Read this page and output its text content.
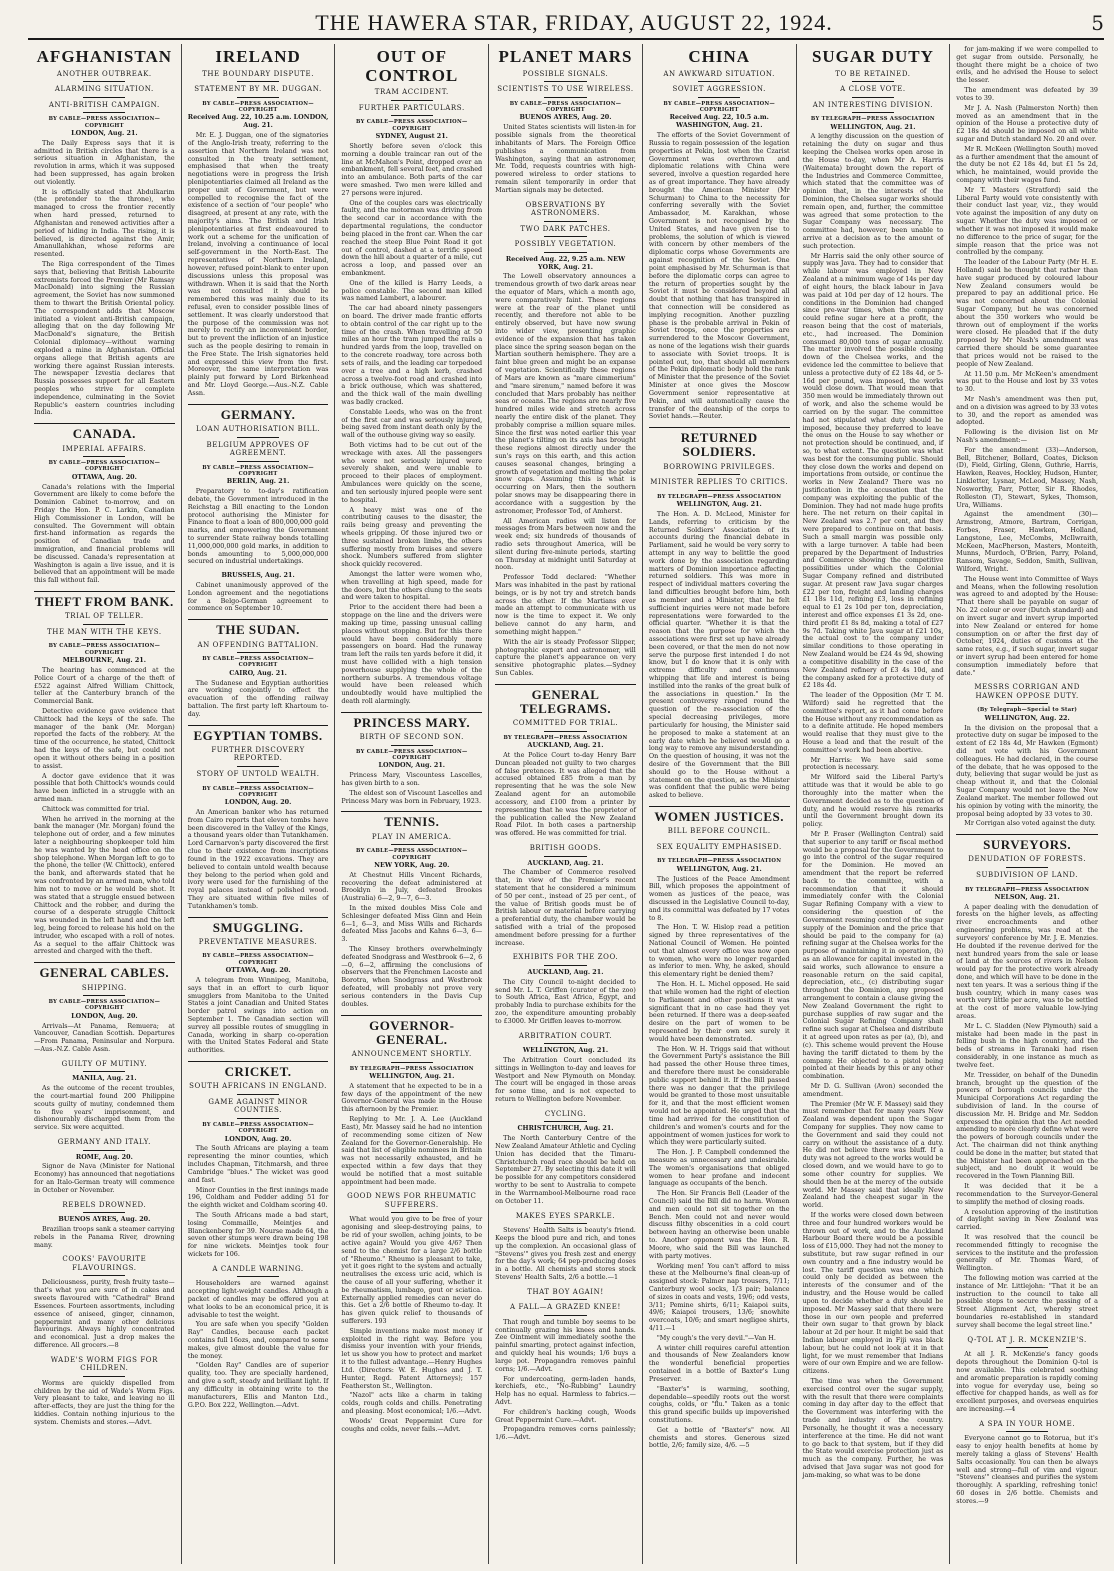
THE HAWERA STAR, FRIDAY, AUGUST 22, 1924.	5
AFGHANISTAN
ANOTHER OUTBREAK.
ALARMING SITUATION.
ANTI-BRITISH CAMPAIGN.
BY CABLE—PRESS ASSOCIATION—COPYRIGHT
LONDON, Aug. 21.

The Daily Express says that it is admitted in British circles that there is a serious situation in Afghanistan, the revolution in arms, which it was supposed had been suppressed, has again broken out violently.

It is officially stated that Abdulkarim (the pretender to the throne), who managed to cross the frontier recently when hard pressed, returned to Afghanistan and renewed activities after a period of hiding in India. The rising, it is believed, is directed against the Amir, Amanullahkhan, whose reforms are resented.

The Riga correspondent of the Times says that, believing that British Labourite extremists forced the Premier (Mr Ramsay MacDonald) into signing the Russian agreement, the Soviet has now summoned them to thwart the British Oriental policy. The correspondent adds that Moscow initiated a violent anti-British campaign, alleging that on the day following Mr MacDonald's signature, the British Colonial diplomacy—without warning exploded a mine in Afghanistan. Official organs allege that British agents are working there against Russian interests. The newspaper Izvestia declares that Russia possesses support for all Eastern peoples who strive for complete independence, culminating in the Soviet Republic's eastern countries including India.

CANADA.
IMPERIAL AFFAIRS.
BY CABLE—PRESS ASSOCIATION—COPYRIGHT
OTTAWA, Aug. 20.

Canada's relations with the Imperial Government are likely to come before the Dominion Cabinet to-morrow, and on Friday the Hon. P. C. Larkin, Canadian High Commissioner in London, will be consulted. The Government will obtain first-hand information as regards the position of Canadian trade and immigration, and financial problems will be discussed. Canada's representation at Washington is again a live issue, and it is believed that an appointment will be made this fall without fail.

THEFT FROM BANK.
TRIAL OF TELLER.
THE MAN WITH THE KEYS.
BY CABLE—PRESS ASSOCIATION—COPYRIGHT
MELBOURNE, Aug. 21.

The hearing has commenced at the Police Court of a charge of the theft of £522 against Alfred William Chittock, teller at the Canterbury branch of the Commercial Bank.

Detective evidence gave evidence that Chittock had the keys of the safe. The manager of the bank (Mr. Morgan) reported the facts of the robbery. At the time of the occurrence, he stated, Chittock had the keys of the safe, but could not open it without others being in a position to assist.

A doctor gave evidence that it was possible that both Chittock's wounds could have been inflicted in a struggle with an armed man.

Chittock was committed for trial.

When he arrived in the morning at the bank the manager (Mr. Morgan) found the telephone out of order, and a few minutes later a neighbouring shopkeeper told him he was wanted by the head office on the shop telephone. When Morgan left to go to the phone, the teller (W. Chittock), entered the bank, and afterwards stated that he was confronted by an armed man, who told him not to move or he would be shot. It was stated that a struggle ensued between Chittock and the robber, and during the course of a desperate struggle Chittock was wounded in the left hand and the left leg, being forced to release his hold on the intruder, who escaped with a roll of notes. As a sequel to the affair Chittock was arrested and charged with the theft.

GENERAL CABLES.
SHIPPING.
BY CABLE—PRESS ASSOCIATION—COPYRIGHT
LONDON, Aug. 20.

Arrivals—At Panama, Remuera; at Vancouver, Canadian Scottish. Departures—From Panama, Peninsular and Norpura.—Aus.-N.Z. Cable Assn.

GUILTY OF MUTINY.
MANILA, Aug. 21.

As the outcome of the recent troubles, the court-martial found 200 Philippine scouts guilty of mutiny, condemned them to five years' imprisonment, and dishonourably discharged them from the service. Six were acquitted.

GERMANY AND ITALY.
ROME, Aug. 20.

Signor de Nava (Minister for National Economy) has announced that negotiations for an Italo-German treaty will commence in October or November.

REBELS DROWNED.
BUENOS AYRES, Aug. 20.

Brazilian troops sank a steamer carrying rebels in the Panama River, drowning many.

COOKS' FAVOURITE FLAVOURINGS.

Deliciousness, purity, fresh fruity taste—that's what you are sure of in cakes and sweets flavoured with "Cathedral" Brand Essences. Fourteen assortments, including essence of aniseed, ginger, cinnamon, peppermint and many other delicious flavourings. Always highly concentrated and economical. Just a drop makes the difference. All grocers.—8

WADE'S WORM FIGS FOR CHILDREN.

Worms are quickly dispelled from children by the aid of Wade's Worm Figs. Very pleasant to take, and leaving no ill after-effects, they are just the thing for the kiddies. Contain nothing injurious to the system. Chemists and stores.—Advt.

IRELAND
THE BOUNDARY DISPUTE.
STATEMENT BY MR. DUGGAN.
BY CABLE—PRESS ASSOCIATION—COPYRIGHT
Received Aug. 22, 10.25 a.m. LONDON, Aug. 21.

Mr. E. J. Duggan, one of the signatories of the Anglo-Irish treaty, referring to the assertion that Northern Ireland was not consulted in the treaty settlement, emphasised that when the treaty negotiations were in progress the Irish plenipotentiaries claimed all Ireland as the proper unit of Government, but were compelled to recognise the fact of the existence of a section of "our people" who disagreed, at present at any rate, with the majority's aims. The British and Irish plenipotentiaries at first endeavoured to work out a scheme for the unification of Ireland, involving a continuance of local self-government in the North-East. The representatives of Northern Ireland, however, refused point-blank to enter upon discussions unless this proposal was withdrawn. When it is said that the North was not consulted it should be remembered this was mainly due to its refusal, even to consider possible lines of settlement. It was clearly understood that the purpose of the commission was not merely to rectify an inconvenient border, but to prevent the infliction of an injustice such as the people desiring to remain in the Free State. The Irish signatories held and expressed this view from the first. Moreover, the same interpretation was plainly put forward by Lord Birkenhead and Mr. Lloyd George.—Aus.-N.Z. Cable Assn.

GERMANY.
LOAN AUTHORISATION BILL.
BELGIUM APPROVES OF AGREEMENT.
BY CABLE—PRESS ASSOCIATION—COPYRIGHT
BERLIN, Aug. 21.

Preparatory to to-day's ratification debate, the Government introduced in the Reichstag a Bill enacting to the London protocol authorising the Minister for Finance to float a loan of 800,000,000 gold marks, and empowering the Government to surrender State railway bonds totalling 11,000,000,000 gold marks, in addition to bonds amounting to 5,000,000,000 secured on industrial undertakings.

BRUSSELS, Aug. 21.

Cabinet unanimously approved of the London agreement and the negotiations for a Belgo-German agreement to commence on September 10.

THE SUDAN.
AN OFFENDING BATTALION.
BY CABLE—PRESS ASSOCIATION—COPYRIGHT
CAIRO, Aug. 21.

The Sudanese and Egyptian authorities are working conjointly to effect the evacuation of the offending railway battalion. The first party left Khartoum to-day.

EGYPTIAN TOMBS.
FURTHER DISCOVERY REPORTED.
STORY OF UNTOLD WEALTH.
BY CABLE—PRESS ASSOCIATION—COPYRIGHT
LONDON, Aug. 20.

An American banker who has returned from Cairo reports that eleven tombs have been discovered in the Valley of the Kings, a thousand years older than Tutankhamen. Lord Carnarvon's party discovered the first clue to their existence from inscriptions found in the 1922 excavations. They are believed to contain untold wealth because they belong to the period when gold and ivory were used for the furnishing of the royal palaces instead of polished wood. They are situated within five miles of Tutankhamen's tomb.

SMUGGLING.
PREVENTATIVE MEASURES.
BY CABLE—PRESS ASSOCIATION—COPYRIGHT
OTTAWA, Aug. 20.

A telegram from Winnipeg, Manitoba, says that in an effort to curb liquor smugglers from Manitoba to the United States a joint Canadian and United States border patrol swings into action on September 1. The Canadian section will survey all possible routes of smuggling in Canada, working in sharp co-operation with the United States Federal and State authorities.

CRICKET.
SOUTH AFRICANS IN ENGLAND.
GAME AGAINST MINOR COUNTIES.
BY CABLE—PRESS ASSOCIATION—COPYRIGHT
LONDON, Aug. 20.

The South Africans are playing a team representing the minor counties, which includes Chapman, Titchmarsh, and three Cambridge "blues." The wicket was good and fast.

Minor Counties in the first innings made 196, Coldham and Pedder adding 51 for the eighth wicket and Coldham scoring 40.

The South Africans made a bad start, losing Commaille, Meintjes and Blanckenberg for 39. Nourse made 64, the seven other stumps were drawn being 198 for nine wickets. Meintjes took four wickets for 106.

A CANDLE WARNING.

Householders are warned against accepting light-weight candles. Although a packet of candles may be offered you at what looks to be an economical price, it is advisable to test the weight.

You are safe when you specify "Golden Ray" Candles, because each packet contains full 16ozs, and, compared to some makes, give almost double the value for the money.

"Golden Ray" Candles are of superior quality, too. They are specially hardened, and give a soft, steady and brilliant light. If any difficulty in obtaining write to the manufacturers, Ellis and Manton Ltd., G.P.O. Box 222, Wellington.—Advt.

OUT OF CONTROL
TRAM ACCIDENT.
FURTHER PARTICULARS.
BY CABLE—PRESS ASSOCIATION—COPYRIGHT
SYDNEY, August 21.

Shortly before seven o'clock this morning a double traincar ran out of the line at McMahon's Point, dropped over an embankment, fell several feet, and crashed into an ambulance. Both parts of the car were smashed. Two men were killed and 27 persons were injured.

One of the couples cars was electrically faulty, and the motorman was driving from the second car in accordance with the departmental regulations, the conductor being placed in the front car. When the car reached the steep Blue Point Road it got out of control, dashed at a terrific speed down the hill about a quarter of a mile, cut across a loop, and passed over an embankment.

One of the killed is Harry Leeds, a police constable. The second man killed was named Lambert, a labourer.

The car had aboard ninety passengers on board. The driver made frantic efforts to obtain control of the car right up to the time of the crash. When travelling at 50 miles an hour the tram jumped the rails a hundred yards from the loop, travelled on to the concrete roadway, tore across both sets of rails, and the leading car torpedoed over a tree and a high kerb, crashed across a twelve-foot road and crashed into a brick outhouse, which was shattered, and the thick wall of the main dwelling was badly cracked.

Constable Leeds, who was on the front of the first car and was seriously injured, being saved from instant death only by the wall of the outhouse giving way so easily.

Both victims had to be cut out of the wreckage with axes. All the passengers who were not seriously injured were severely shaken, and were unable to proceed to their places of employment. Ambulances were quickly on the scene, and ten seriously injured people were sent to hospital.

A heavy mist was one of the contributing causes to the disaster, the rails being greasy and preventing the wheels gripping. Of those injured two or three sustained broken limbs, the others suffering mostly from bruises and severe shock. Numbers suffered from slighter shock quickly recovered.

Amongst the latter were women who, when travelling at high speed, made for the doors, but the others clung to the seats and were taken to hospital.

Prior to the accident there had been a stoppage on the line and the drivers were making up time, passing unusual calling places without stopping. But for this there would have been considerably more passengers on board. Had the runaway tram left the rails ten yards before it did, it must have collided with a high tension powerhouse supplying the whole of the northern suburbs. A tremendous voltage would have been released which undoubtedly would have multiplied the death roll alarmingly.

PRINCESS MARY.
BIRTH OF SECOND SON.
BY CABLE—PRESS ASSOCIATION—COPYRIGHT
LONDON, Aug. 21.

Princess Mary, Viscountess Lascelles, has given birth to a son.

The eldest son of Viscount Lascelles and Princess Mary was born in February, 1923.

TENNIS.
PLAY IN AMERICA.
BY CABLE—PRESS ASSOCIATION—COPYRIGHT
NEW YORK, Aug. 20.

At Chestnut Hills Vincent Richards, recovering the defeat administered at Brooklyn in July, defeated Brookes (Australia) 6—2, 9—7, 6—3.

In the mixed doubles Miss Cole and Schlesinger defeated Miss Ginn and Hein 6—1, 6—3, and Miss Wills and Richards defeated Miss Jacobs and Kahns 6—3, 6—3.

The Kinsey brothers overwhelmingly defeated Snodgrass and Westbrook 6—2, 6—0, 6—2, affirming the conclusions of observers that the Frenchmen Lacoste and Borotra, when Snodgrass and Westbrook defeated, will probably not prove very serious contenders in the Davis Cup doubles.

GOVERNOR-GENERAL.
ANNOUNCEMENT SHORTLY.
BY TELEGRAPH—PRESS ASSOCIATION
WELLINGTON, Aug. 21.

A statement that he expected to be in a few days of the appointment of the new Governor-General was made in the House this afternoon by the Premier.

Replying to Mr. J. A. Lee (Auckland East), Mr. Massey said he had no intention of recommending some citizen of New Zealand for the Governor-Generalship. He said that list of eligible nominees in Britain was not necessarily exhausted, and he expected within a few days that they would be notified that a most suitable appointment had been made.

GOOD NEWS FOR RHEUMATIC SUFFERERS.

What would you give to be free of your agonising and sleep-destroying pains, to be rid of your swollen, aching joints, to be active again? Would you give 4/6? Then send to the chemist for a large 2/6 bottle of "Rheumo." Rheumo is pleasant to take, yet it goes right to the system and actually neutralises the excess uric acid, which is the cause of all your suffering, whether it be rheumatism, lumbago, gout or sciatica. Externally applied remedies can never do this. Get a 2/6 bottle of Rheumo to-day. It has given quick relief to thousands of sufferers. 193

Simple inventions make most money if exploited in the right way. Before you dismiss your invention with your friends, let us show you how to protect and market it to the fullest advantage.—Henry Hughes Ltd. (Directors: W. E. Hughes and J. T. Hunter, Regd. Patent Attorneys); 157 Featherston St., Wellington.

"Nazol" acts like a charm in taking colds, rough colds and chills. Penetrating and pleasing. Most economical; 1/6.—Advt.

Woods' Great Peppermint Cure for coughs and colds, never fails.—Advt.

PLANET MARS
POSSIBLE SIGNALS.
SCIENTISTS TO USE WIRELESS.
BY CABLE—PRESS ASSOCIATION—COPYRIGHT
BUENOS AYRES, Aug. 20.

United States scientists will listen-in for possible signals from the theoretical inhabitants of Mars. The Foreign Office publishes a communication from Washington, saying that an astronomer, Mr. Todd, requests countries with high-powered wireless to order stations to remain silent temporarily in order that Martian signals may be detected.

OBSERVATIONS BY ASTRONOMERS.
TWO DARK PATCHES.
POSSIBLY VEGETATION.
Received Aug. 22, 9.25 a.m. NEW YORK, Aug. 21.

The Lowell observatory announces a tremendous growth of two dark areas near the equator of Mars, which a month ago, were comparatively faint. These regions were at the rear of the planet until recently, and therefore not able to be entirely observed, but have now swung into wider view, presenting graphic evidence of the expansion that has taken place since the spring season began on the Martian southern hemisphere. They are a faint blue green and might be an expanse of vegetation. Scientifically these regions of Mars are known as "mare cimmerium" and "mare sirenum," named before it was concluded that Mars probably has neither seas or oceans. The regions are nearly five hundred miles wide and stretch across nearly the entire disk of the planet. They probably comprise a million square miles. Since the first was noted earlier this year the planet's tilting on its axis has brought these regions almost directly under the sun's rays on this earth, and this action causes seasonal changes, bringing a growth of vegetation and melting the polar snow caps. Assuming this is what is occurring on Mars, then the southern polar snows may be disappearing there in accordance with a suggestion by the astronomer, Professor Tod, of Amherst.

All American radios will listen for messages from Mars between now and the week end; six hundreds of thousands of radio sets throughout America, will be silent during five-minute periods, starting on Thursday at midnight until Saturday at noon.

Professor Todd declared: "Whether Mars was inhabited in the past by rational beings, or is by not try and stretch bands across the ether. If the Martians ever made an attempt to communicate with us now is the time to expect it. We only believe cannot do any harm, and something might happen."

With the air is steady Professor Slipper, photographic expert and astronomer, will capture the planet's appearance on very sensitive photographic plates.—Sydney Sun Cables.

GENERAL TELEGRAMS.
COMMITTED FOR TRIAL.
BY TELEGRAPH—PRESS ASSOCIATION
AUCKLAND, Aug. 21.

At the Police Court to-day Henry Barr Duncan pleaded not guilty to two charges of false pretences. It was alleged that the accused obtained £85 from a man by representing that he was the sole New Zealand agent for an automobile accessory, and £100 from a printer by representing that he was the proprietor of the publication called the New Zealand Road Pilot. In both cases a partnership was offered. He was committed for trial.

BRITISH GOODS.
AUCKLAND, Aug. 21.

The Chamber of Commerce resolved that, in view of the Premier's recent statement that he considered a minimum of 50 per cent., instead of 25 per cent., of the value of British goods must be of British labour or material before carrying a preferential duty, the chamber would be satisfied with a trial of the proposed amendment before pressing for a further increase.

EXHIBITS FOR THE ZOO.
AUCKLAND, Aug. 21.

The City Council to-night decided to send Mr. L. T. Griffen (curator of the zoo) to South Africa, East Africa, Egypt, and probably India to purchase exhibits for the zoo, the expenditure amounting probably to £3000. Mr Griffen leaves to-morrow.

ARBITRATION COURT.
WELLINGTON, Aug. 21.

The Arbitration Court concluded its sittings in Wellington to-day and leaves for Westport and New Plymouth on Monday. The court will be engaged in those areas for some time, and is not expected to return to Wellington before November.

CYCLING.
CHRISTCHURCH, Aug. 21.

The North Canterbury Centre of the New Zealand Amateur Athletic and Cycling Union has decided that the Timaru-Christchurch road race should be held on September 27. By selecting this date it will be possible for any competitors considered worthy to be sent to Australia to compete in the Warrnambool-Melbourne road race on October 11.

MAKES EYES SPARKLE.

Stevens' Health Salts is beauty's friend. Keeps the blood pure and rich, and tones up the complexion. An occasional glass of "Stevens'" gives you fresh zest and energy for the day's work; 64 pep-producing doses in a bottle. All chemists and stores stock Stevens' Health Salts, 2/6 a bottle.—1

THAT BOY AGAIN!
A FALL—A GRAZED KNEE!

That rough and tumble boy seems to be continually grazing his knees and hands. Zee Ointment will immediately soothe the painful smarting, protect against infection, and quickly heal his wounds; 1/6 buys a large pot. Propagandra removes painful corns; 1/6.—Advt.

For undercoating, germ-laden hands, kerchiefs, etc., "No-Rubbing" Laundry Help has no equal. Harmless to fabrics.—Advt.

For children's hacking cough, Woods Great Peppermint Cure.—Advt.

Propagandra removes corns painlessly; 1/6.—Advt.

CHINA
AN AWKWARD SITUATION.
SOVIET AGGRESSION.
BY CABLE—PRESS ASSOCIATION—COPYRIGHT
Received Aug. 22, 10.5 a.m. WASHINGTON, Aug. 21.

The efforts of the Soviet Government of Russia to regain possession of the legation properties at Pekin, lost when the Czarist Government was overthrown and diplomatic relations with China were severed, involve a question regarded here as of great importance. They have already brought the American Minister (Mr Schurman) to China to the necessity for conferring severally with the Soviet Ambassador, M. Karakhan, whose Government is not recognised by the United States, and have given rise to problems, the solution of which is viewed with concern by other members of the diplomatic corps whose Governments are against recognition of the Soviet. One point emphasised by Mr. Schurman is that before the diplomatic corps can agree to the return of properties sought by the Soviet it must be considered beyond all doubt that nothing that has transpired in that connection will be considered as implying recognition. Another puzzling phase is the probable arrival in Pekin of Soviet troops, once the properties are surrendered to the Moscow Government, as none of the legations wish their guards to associate with Soviet troops. It is pointed out, too, that should all members of the Pekin diplomatic body hold the rank of Minister that the presence of the Soviet Minister at once gives the Moscow Government senior representative at Pekin, and will automatically cause the transfer of the deanship of the corps to Soviet hands.—Reuter.

RETURNED SOLDIERS.
BORROWING PRIVILEGES.
MINISTER REPLIES TO CRITICS.
BY TELEGRAPH—PRESS ASSOCIATION
WELLINGTON, Aug. 21.

The Hon. A. D. McLeod, Minister for Lands, referring to criticism by the Returned Soldiers' Association of its accounts during the financial debate in Parliament, said he would be very sorry to attempt in any way to belittle the good work done by the association regarding matters of Dominion importance affecting returned soldiers. This was more in respect of individual matters covering the land difficulties brought before him, both as member and a Minister, that he felt sufficient inquiries were not made before representations were forwarded to the official quarter. "Whether it is that the reason that the purpose for which the associations were first set up have already been covered, or that the men do not now serve the purpose first intended I do not know, but I do know that it is only with extreme difficulty and continuous whipping that life and interest is being instilled into the ranks of the great bulk of the associations in question." In the present controversy ranged round the question of the re-association of the special decreasing privileges, more particularly for housing, the Minister said he proposed to make a statement at an early date which he believed would go a long way to remove any misunderstanding. On the question of housing, it was not the desire of the Government that the Bill should go to the House without a statement on the question, as the Minister was confident that the public were being asked to believe.

WOMEN JUSTICES.
BILL BEFORE COUNCIL.
SEX EQUALITY EMPHASISED.
BY TELEGRAPH—PRESS ASSOCIATION
WELLINGTON, Aug. 21.

The Justices of the Peace Amendment Bill, which proposes the appointment of women as justices of the peace, was discussed in the Legislative Council to-day, and its committal was defeated by 17 votes to 8.

The Hon. T. W. Hislop read a petition signed by three representatives of the National Council of Women. He pointed out that almost every office was now open to women, who were no longer regarded as inferior to men. Why, he asked, should this elementary right be denied them?

The Hon. H. L. Michel opposed. He said that while women had the right of election to Parliament and other positions it was significant that in no case had they yet been returned. If there was a deep-seated desire on the part of women to be represented by their own sex surely it would have been demonstrated.

The Hon. W. H. Triggs said that without the Government Party's assistance the Bill had passed the other House three times, and therefore there must be considerable public support behind it. If the Bill passed there was no danger that the privilege would be granted to those most unsuitable for it, and that the most efficient women would not be appointed. He urged that the time had arrived for the constitution of children's and women's courts and for the appointment of women justices for work to which they were particularly suited.

The Hon. J. P. Campbell condemned the measure as unnecessary and undesirable. The women's organisations that obliged women to hear profane and indecent language as occupants of the bench.

The Hon. Sir Francis Bell (Leader of the Council) said the Bill did no harm. Women and men could not sit together on the Bench. Men could not and never would discuss filthy obscenities in a cold court between having an otherwise been unable to. Another opponent was the Hon. R. Moore, who said the Bill was launched with party motives.

Working men! You can't afford to miss these at the Melbourne's final clean-up of assigned stock: Palmer nap trousers, 7/11; Canterbury wool socks, 1/3 pair; balance of sizes in coats and vests, 19/6; odd vests, 3/11; Pemine shirts, 6/11; Kaiapoi suits, 49/6; Kaiapoi trousers, 13/6; snowhite overcoats, 10/6; and smart negligee shirts, 4/11.—1

"My cough's the very devil."—Van H.

A winter chill requires careful attention and thousands of New Zealanders know the wonderful beneficial properties contained in a bottle of Baxter's Lung Preserver.

"Baxter's" is warming, soothing, dependable—speedily roots out the worst coughs, colds, or "flu." Taken as a tonic this grand specific builds up impoverished constitutions.

Get a bottle of "Baxter's" now. All chemists and stores. Generous sized bottle, 2/6; family size, 4/6. —5

SUGAR DUTY
TO BE RETAINED.
A CLOSE VOTE.
AN INTERESTING DIVISION.
BY TELEGRAPH—PRESS ASSOCIATION
WELLINGTON, Aug. 21.

A lengthy discussion on the question of retaining the duty on sugar and thus keeping the Chelsea works open arose in the House to-day, when Mr A. Harris (Waitemata) brought down the report of the Industries and Commerce Committee, which stated that the committee was of opinion that, in the interests of the Dominion, the Chelsea sugar works should remain open, and, further, the committee was agreed that some protection to the Sugar Company was necessary. The committee had, however, been unable to arrive at a decision as to the amount of such protection.

Mr Harris said the only other source of supply was Java. They had to consider that while labour was employed in New Zealand at a minimum wage of 14s per day of eight hours, the black labour in Java was paid at 10d per day of 12 hours. The conditions in the Dominion had changed since pre-war times, when the company could refine sugar here at a profit, the reason being that the cost of materials, etc., had increased. The Dominion consumed 80,000 tons of sugar annually. The matter involved the possible closing down of the Chelsea works, and the evidence led the committee to believe that unless a protective duty of £2 18s 4d, or 5-16d per pound, was imposed, the works would close down. That would mean that 350 men would be immediately thrown out of work, and also the scheme would be carried on by the sugar. The committee had not stipulated what duty should be imposed, because they preferred to leave the onus on the House to say whether or not protection should be continued, and, if so, to what extent. The question was what was best for the consuming public. Should they close down the works and depend on importations from outside, or continue the works in New Zealand? There was no justification in the accusation that the company was exploiting the public of the Dominion. They had not made huge profits here. The net return on their capital in New Zealand was 2.7 per cent, and they were prepared to continue on that basis. Such a small margin was possible only with a large turnover. A table had been prepared by the Department of Industries and Commerce showing the competitive possibilities under which the Colonial Sugar Company refined and distributed sugar. At present raw Java sugar charges £22 per ton, freight and landing charges £1 18s 11d, refining £3, loss in refining equal to £1 2s 10d per ton, depreciation, interest and office expenses £1 3s 2d, one-third profit £1 8s 8d, making a total of £27 9s 7d. Taking white Java sugar at £21 10s, the actual cost to the company under similar conditions to those operating in New Zealand would be £24 4s 9d, showing a competitive disability in the case of the New Zealand refinery of £3 4s 10d, and the company asked for a protective duty of £2 18s 4d.

The leader of the Opposition (Mr T. M. Wilford) said he regretted that the committee's report, as it had come before the House without any recommendation as to a definite attitude. He hoped members would realise that they must give to the House a lead and that the result of the committee's work had been abortive.

Mr Harris: We have said some protection is necessary.

Mr Wilford said the Liberal Party's attitude was that it would be able to go thoroughly into the matter when the Government decided as to the question of duty, and he would reserve his remarks until the Government brought down its policy.

Mr P. Fraser (Wellington Central) said that superior to any tariff or fiscal method would be a proposal for the Government to go into the control of the sugar required for the Dominion. He moved an amendment that the report be referred back to the committee, with a recommendation that it should immediately confer with the Colonial Sugar Refining Company with a view to considering the question of the Government resuming control of the sugar supply of the Dominion and the price that should be paid to the company for (a) refining sugar at the Chelsea works for the purpose of maintaining it in operation, (b) as an allowance for capital invested in the said works, such allowance to ensure a reasonable return on the said capital, depreciation, etc., (c) distributing sugar throughout the Dominion, any proposed arrangement to contain a clause giving the New Zealand Government the right to purchase supplies of raw sugar and the Colonial Sugar Refining Company shall refine such sugar at Chelsea and distribute it at agreed upon rates as per (a), (b), and (c). This scheme would prevent the House having the tariff dictated to them by the company. He objected to a pistol being pointed at their heads by this or any other combination.

Mr D. G. Sullivan (Avon) seconded the amendment.

The Premier (Mr W. F. Massey) said they must remember that for many years New Zealand was dependent upon the Sugar Company for supplies. They now came to the Government and said they could not carry on without the assistance of a duty. He did not believe there was bluff. If a duty was not agreed to the works would be closed down, and we would have to go to some other country for supplies. We should then be at the mercy of the outside world. Mr Massey said that ideally New Zealand had the cheapest sugar in the world.

If the works were closed down between three and four hundred workers would be thrown out of work, and to the Auckland Harbour Board there would be a possible loss of £15,000. They had not the money to substitute, but raw sugar refined in our own country and a fine industry would be lost. The tariff question was one which could only be decided as between the interests of the consumer and of the industry, and the House would be called upon to decide whether a duty should be imposed. Mr Massey said that there were those in our own people and preferred their own sugar to that grown by black labour at 2d per hour. It might be said that Indian labour employed in Fiji was black labour, but he could not look at it in that light, for we must remember that Indians were of our own Empire and we are fellow-citizens.

The time was when the Government exercised control over the sugar supply, with the result that there were complaints coming in day after day to the effect that the Government was interfering with the trade and industry of the country. Personally, he thought it was a necessary interference at the time. He did not want to go back to that system, but if they did the State would exercise protection just as much as the company. Further, he was advised that Java sugar was not good for jam-making, so what was to be done

for jam-making if we were compelled to get sugar from outside. Personally, he thought there might be a choice of two evils, and he advised the House to select the lesser.

The amendment was defeated by 39 votes to 39.

Mr J. A. Nash (Palmerston North) then moved as an amendment that in the opinion of the House a protective duty of £2 18s 4d should be imposed on all white sugar and Dutch standard No. 20 and over.

Mr R. McKeen (Wellington South) moved as a further amendment that the amount of the duty be not £2 18s 4d, but £1 5s 2d, which, he maintained, would provide the company with their wages fund.

Mr T. Masters (Stratford) said the Liberal Party would vote consistently with their conduct last year, viz., they would vote against the imposition of any duty on sugar. Whether the duty was imposed or whether it was not imposed it would make no difference to the price of sugar, for the simple reason that the price was not controlled by the company.

The leader of the Labour Party (Mr H. E. Holland) said he thought that rather than have sugar produced by coloured labour New Zealand consumers would be prepared to pay an additional price. He was not concerned about the Colonial Sugar Company, but he was concerned about the 350 workers who would be thrown out of employment if the works were closed. He pleaded that if the duty proposed by Mr Nash's amendment was carried there should be some guarantee that prices would not be raised to the people of New Zealand.

At 11.50 p.m. Mr McKeen's amendment was put to the House and lost by 33 votes to 30.

Mr Nash's amendment was then put, and on a division was agreed to by 33 votes to 30, and the report as amended was adopted.

Following is the division list on Mr Nash's amendment:—

For the amendment (33)—Anderson, Bell, Bitchener, Bollard, Coates, Dickson (D), Field, Girling, Glenn, Guthrie, Harris, Hawken, Reaves, Hockley, Hudson, Hunter, Linkletter, Lysnar, McLeod, Massey, Nash, Nosworthy, Parr, Potter, Sir R. Rhodes, Rolleston (T), Stewart, Sykes, Thomson, Ura, Williams.

Against the amendment (30)—Armstrong, Atmore, Bartram, Corrigan, Forbes, Fraser, Hawken, Holland, Langstone, Lee, McCombs, McIlwraith, McKeen, MacPherson, Masters, Monteith, Munns, Murdoch, O'Brien, Parry, Poland, Ransom, Savage, Seddon, Smith, Sullivan, Wilford, Wright.

The House went into Committee of Ways and Means, when the following resolution was agreed to and adopted by the House: "That there shall be payable on sugar of No. 22 colour or over (Dutch standard) and on invert sugar and invert syrup imported into New Zealand or entered for home consumption on or after the first day of October, 1924, duties of customs at the same rates, e.g., if such sugar, invert sugar or invert syrup had been entered for home consumption immediately before that date."

MESSRS CORRIGAN AND HAWKEN OPPOSE DUTY.
(By Telegraph—Special to Star)
WELLINGTON, Aug. 22.

In the division on the proposal that a protective duty on sugar be imposed to the extent of £2 18s 4d, Mr Hawken (Egmont) did not vote with his Government colleagues. He had declared, in the course of the debate, that he was opposed to the duty, believing that sugar would be just as cheap without it, and that the Colonial Sugar Company would not leave the New Zealand market. The member followed out his opinion by voting with the minority, the proposal being adopted by 33 votes to 30.

Mr Corrigan also voted against the duty.

SURVEYORS.
DENUDATION OF FORESTS.
SUBDIVISION OF LAND.
BY TELEGRAPH—PRESS ASSOCIATION
NELSON, Aug. 21.

A paper dealing with the denudation of forests on the higher levels, as affecting river encroachments and other engineering problems, was read at the surveyors' conference by Mr. J. E. Menzies. He doubted if the revenue derived for the next hundred years from the sale or lease of land at the sources of rivers in Nelson would pay for the protective work already done, and which will have to be done in the next ten years. It was a serious thing if the bush country, which in many cases was worth very little per acre, was to be settled at the cost of more valuable low-lying areas.

Mr L. C. Sladden (New Plymouth) said a mistake had been made in the past in felling bush in the high country, and the beds of streams in Taranaki had risen considerably, in one instance as much as twelve feet.

Mr. Tressider, on behalf of the Dunedin branch, brought up the question of the powers of borough councils under the Municipal Corporations Act regarding the subdivision of land. In the course of discussion Mr. H. Bridge and Mr. Seddon expressed the opinion that the Act needed amending to more clearly define what were the powers of borough councils under the Act. The chairman did not think anything could be done in the matter, but stated that the Minister had been approached on the subject, and no doubt it would be recovered in the Town Planning Bill.

It was decided that it be a recommendation to the Surveyor-General to simplify the method of closing roads.

A resolution approving of the institution of daylight saving in New Zealand was carried.

It was resolved that the council be recommended fittingly to recognise the services to the institute and the profession generally of Mr. Thomas Ward, of Wellington.

The following motion was carried at the instance of Mr. Littlejohn: "That it be an instruction to the council to take all possible steps to secure the passing of a Street Alignment Act, whereby street boundaries re-established in standard survey shall become the legal street line."

Q-TOL AT J. R. MCKENZIE'S.

At all J. R. McKenzie's fancy goods depots throughout the Dominion Q-tol is now available. This celebrated soothing and aromatic preparation is rapidly coming into vogue for everyday use, being so effective for chapped hands, as well as for excellent purposes, and overseas enquiries are increasing.—4

A SPA IN YOUR HOME.

Everyone cannot go to Rotorua, but it's easy to enjoy health benefits at home by merely taking a glass of Stevens' Health Salts occasionally. You can then be always well and strong—full of vim and vigour. "Stevens'" cleanses and purifies the system thoroughly. A sparkling, refreshing tonic! 60 doses in 2/6 bottle. Chemists and stores.—9
